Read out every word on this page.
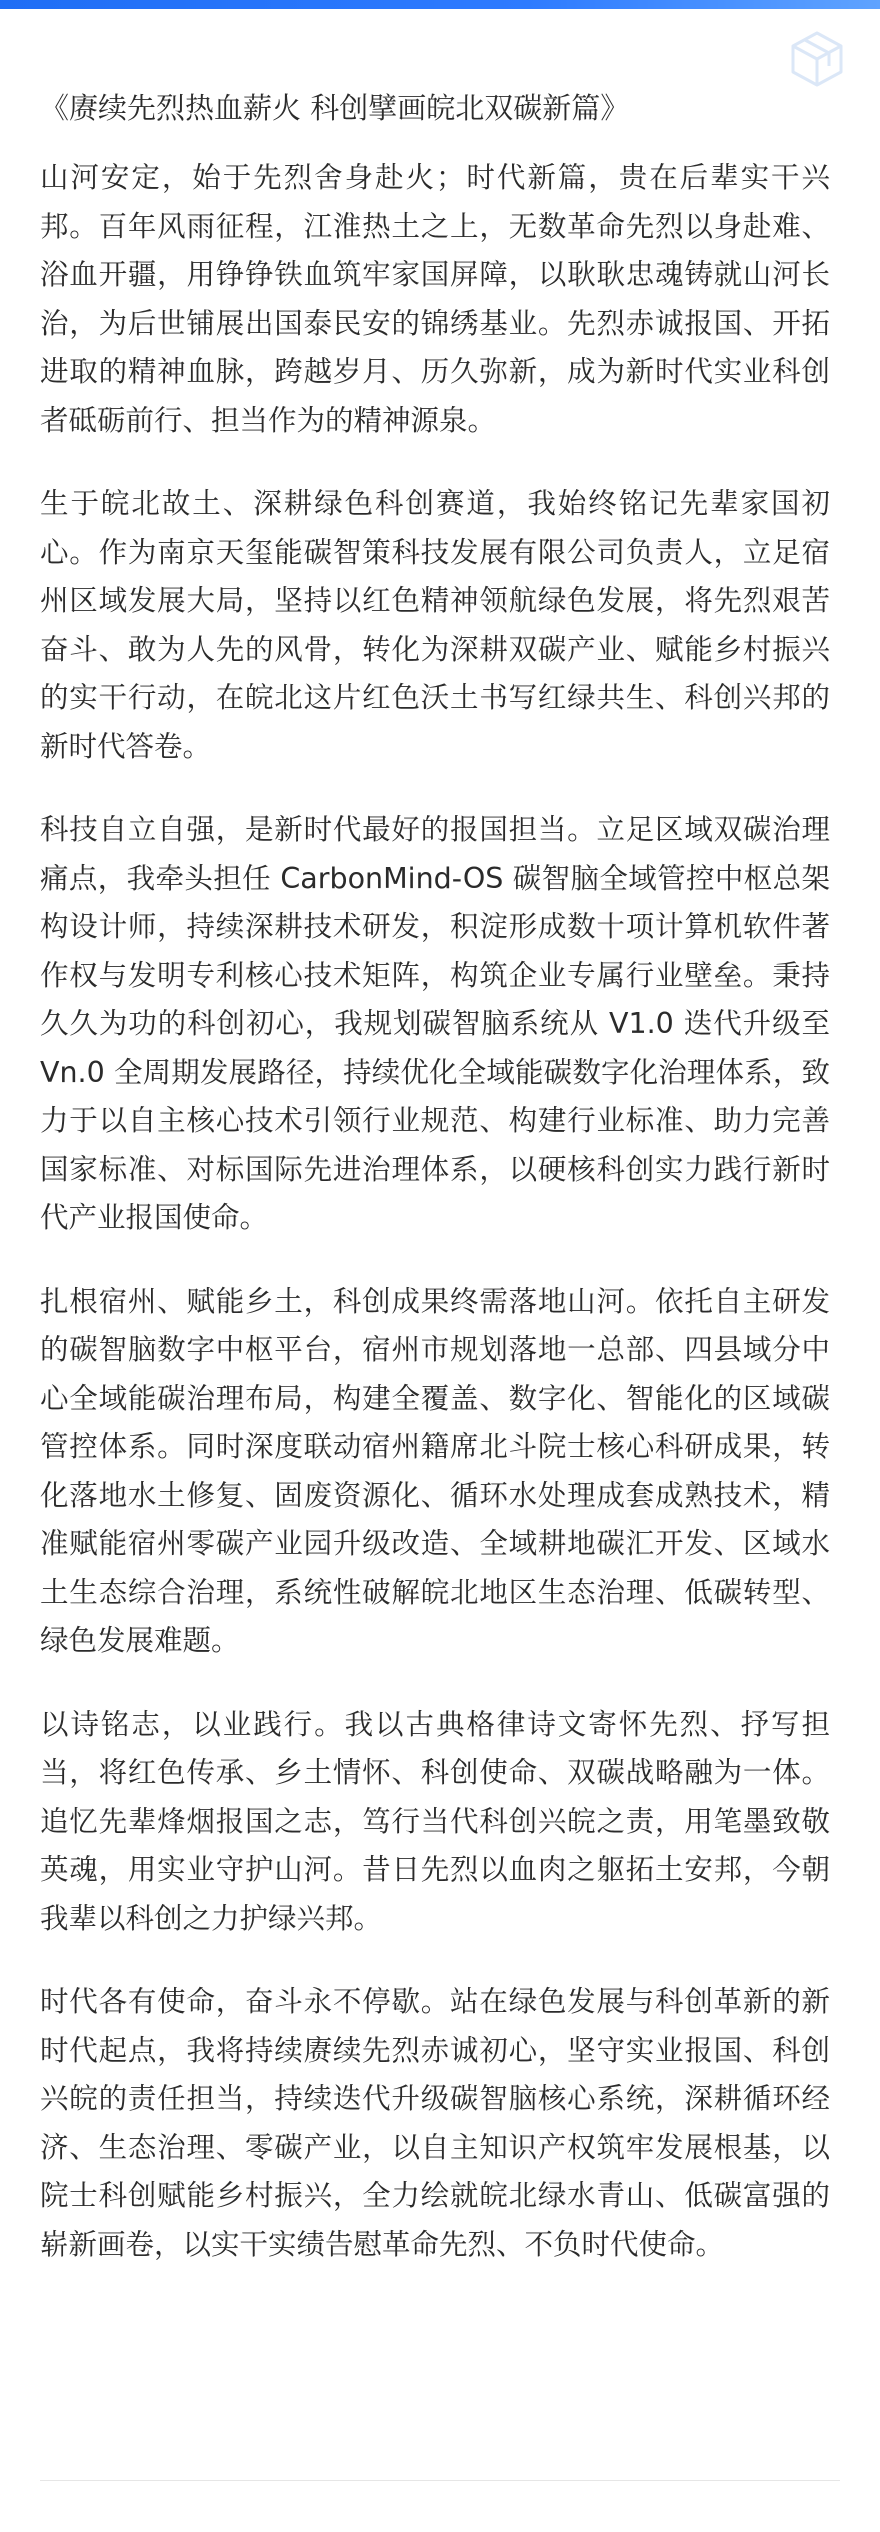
《赓续先烈热血薪火 科创擘画皖北双碳新篇》

山河安定，始于先烈舍身赴火；时代新篇，贵在后辈实干兴邦。百年风雨征程，江淮热土之上，无数革命先烈以身赴难、浴血开疆，用铮铮铁血筑牢家国屏障，以耿耿忠魂铸就山河长治，为后世铺展出国泰民安的锦绣基业。先烈赤诚报国、开拓进取的精神血脉，跨越岁月、历久弥新，成为新时代实业科创者砥砺前行、担当作为的精神源泉。

生于皖北故土、深耕绿色科创赛道，我始终铭记先辈家国初心。作为南京天玺能碳智策科技发展有限公司负责人，立足宿州区域发展大局，坚持以红色精神领航绿色发展，将先烈艰苦奋斗、敢为人先的风骨，转化为深耕双碳产业、赋能乡村振兴的实干行动，在皖北这片红色沃土书写红绿共生、科创兴邦的新时代答卷。

科技自立自强，是新时代最好的报国担当。立足区域双碳治理痛点，我牵头担任 CarbonMind-OS 碳智脑全域管控中枢总架构设计师，持续深耕技术研发，积淀形成数十项计算机软件著作权与发明专利核心技术矩阵，构筑企业专属行业壁垒。秉持久久为功的科创初心，我规划碳智脑系统从 V1.0 迭代升级至 Vn.0 全周期发展路径，持续优化全域能碳数字化治理体系，致力于以自主核心技术引领行业规范、构建行业标准、助力完善国家标准、对标国际先进治理体系，以硬核科创实力践行新时代产业报国使命。

扎根宿州、赋能乡土，科创成果终需落地山河。依托自主研发的碳智脑数字中枢平台，宿州市规划落地一总部、四县域分中心全域能碳治理布局，构建全覆盖、数字化、智能化的区域碳管控体系。同时深度联动宿州籍席北斗院士核心科研成果，转化落地水土修复、固废资源化、循环水处理成套成熟技术，精准赋能宿州零碳产业园升级改造、全域耕地碳汇开发、区域水土生态综合治理，系统性破解皖北地区生态治理、低碳转型、绿色发展难题。

以诗铭志，以业践行。我以古典格律诗文寄怀先烈、抒写担当，将红色传承、乡土情怀、科创使命、双碳战略融为一体。追忆先辈烽烟报国之志，笃行当代科创兴皖之责，用笔墨致敬英魂，用实业守护山河。昔日先烈以血肉之躯拓土安邦，今朝我辈以科创之力护绿兴邦。

时代各有使命，奋斗永不停歇。站在绿色发展与科创革新的新时代起点，我将持续赓续先烈赤诚初心，坚守实业报国、科创兴皖的责任担当，持续迭代升级碳智脑核心系统，深耕循环经济、生态治理、零碳产业，以自主知识产权筑牢发展根基，以院士科创赋能乡村振兴，全力绘就皖北绿水青山、低碳富强的崭新画卷，以实干实绩告慰革命先烈、不负时代使命。
